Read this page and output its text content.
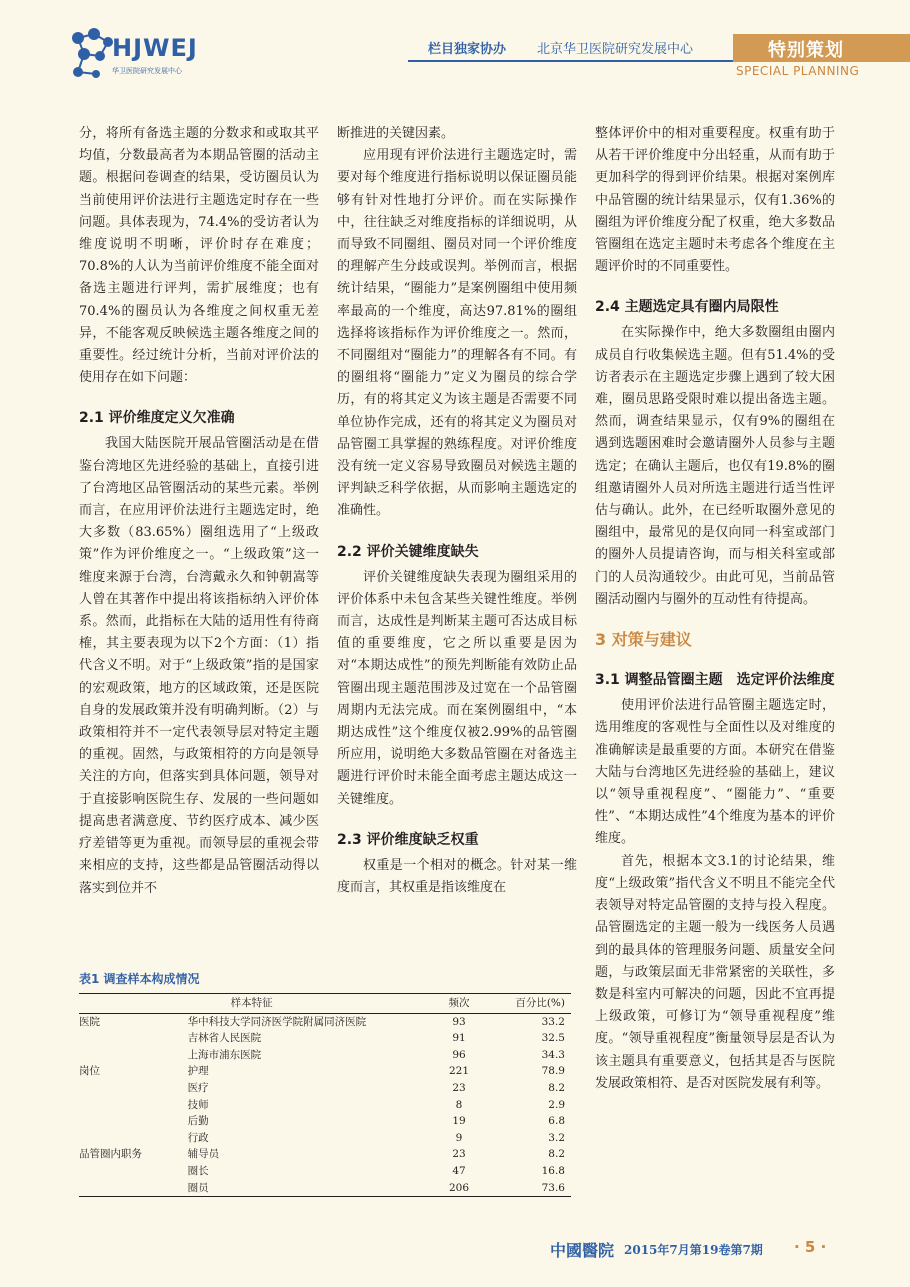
HJWEJ
华卫医院研究发展中心
栏目独家协办 北京华卫医院研究发展中心	特别策划
SPECIAL PLANNING

分，将所有备选主题的分数求和或取其平均值，分数最高者为本期品管圈的活动主题。根据问卷调查的结果，受访圈员认为当前使用评价法进行主题选定时存在一些问题。具体表现为，74.4%的受访者认为维度说明不明晰，评价时存在难度；70.8%的人认为当前评价维度不能全面对备选主题进行评判，需扩展维度；也有70.4%的圈员认为各维度之间权重无差异，不能客观反映候选主题各维度之间的重要性。经过统计分析，当前对评价法的使用存在如下问题：

2.1 评价维度定义欠准确

我国大陆医院开展品管圈活动是在借鉴台湾地区先进经验的基础上，直接引进了台湾地区品管圈活动的某些元素。举例而言，在应用评价法进行主题选定时，绝大多数（83.65%）圈组选用了“上级政策”作为评价维度之一。“上级政策”这一维度来源于台湾，台湾戴永久和钟朝嵩等人曾在其著作中提出将该指标纳入评价体系。然而，此指标在大陆的适用性有待商榷，其主要表现为以下2个方面：（1）指代含义不明。对于“上级政策”指的是国家的宏观政策，地方的区域政策，还是医院自身的发展政策并没有明确判断。（2）与政策相符并不一定代表领导层对特定主题的重视。固然，与政策相符的方向是领导关注的方向，但落实到具体问题，领导对于直接影响医院生存、发展的一些问题如提高患者满意度、节约医疗成本、减少医疗差错等更为重视。而领导层的重视会带来相应的支持，这些都是品管圈活动得以落实到位并不

断推进的关键因素。

应用现有评价法进行主题选定时，需要对每个维度进行指标说明以保证圈员能够有针对性地打分评价。而在实际操作中，往往缺乏对维度指标的详细说明，从而导致不同圈组、圈员对同一个评价维度的理解产生分歧或误判。举例而言，根据统计结果，“圈能力”是案例圈组中使用频率最高的一个维度，高达97.81%的圈组选择将该指标作为评价维度之一。然而，不同圈组对“圈能力”的理解各有不同。有的圈组将“圈能力”定义为圈员的综合学历，有的将其定义为该主题是否需要不同单位协作完成，还有的将其定义为圈员对品管圈工具掌握的熟练程度。对评价维度没有统一定义容易导致圈员对候选主题的评判缺乏科学依据，从而影响主题选定的准确性。

2.2 评价关键维度缺失

评价关键维度缺失表现为圈组采用的评价体系中未包含某些关键性维度。举例而言，达成性是判断某主题可否达成目标值的重要维度，它之所以重要是因为对“本期达成性”的预先判断能有效防止品管圈出现主题范围涉及过宽在一个品管圈周期内无法完成。而在案例圈组中，“本期达成性”这个维度仅被2.99%的品管圈所应用，说明绝大多数品管圈在对备选主题进行评价时未能全面考虑主题达成这一关键维度。

2.3 评价维度缺乏权重

权重是一个相对的概念。针对某一维度而言，其权重是指该维度在

整体评价中的相对重要程度。权重有助于从若干评价维度中分出轻重，从而有助于更加科学的得到评价结果。根据对案例库中品管圈的统计结果显示，仅有1.36%的圈组为评价维度分配了权重，绝大多数品管圈组在选定主题时未考虑各个维度在主题评价时的不同重要性。

2.4 主题选定具有圈内局限性

在实际操作中，绝大多数圈组由圈内成员自行收集候选主题。但有51.4%的受访者表示在主题选定步骤上遇到了较大困难，圈员思路受限时难以提出备选主题。然而，调查结果显示，仅有9%的圈组在遇到选题困难时会邀请圈外人员参与主题选定；在确认主题后，也仅有19.8%的圈组邀请圈外人员对所选主题进行适当性评估与确认。此外，在已经听取圈外意见的圈组中，最常见的是仅向同一科室或部门的圈外人员提请咨询，而与相关科室或部门的人员沟通较少。由此可见，当前品管圈活动圈内与圈外的互动性有待提高。

3 对策与建议
3.1 调整品管圈主题　选定评价法维度

使用评价法进行品管圈主题选定时，选用维度的客观性与全面性以及对维度的准确解读是最重要的方面。本研究在借鉴大陆与台湾地区先进经验的基础上，建议以“领导重视程度”、“圈能力”、“重要性”、“本期达成性”4个维度为基本的评价维度。

首先，根据本文3.1的讨论结果，维度“上级政策”指代含义不明且不能完全代表领导对特定品管圈的支持与投入程度。品管圈选定的主题一般为一线医务人员遇到的最具体的管理服务问题、质量安全问题，与政策层面无非常紧密的关联性，多数是科室内可解决的问题，因此不宜再提上级政策，可修订为“领导重视程度”维度。“领导重视程度”衡量领导层是否认为该主题具有重要意义，包括其是否与医院发展政策相符、是否对医院发展有利等。

表1 调查样本构成情况
样本特征		频次	百分比(%)
医院	华中科技大学同济医学院附属同济医院	93	33.2
	吉林省人民医院	91	32.5
	上海市浦东医院	96	34.3
岗位	护理	221	78.9
	医疗	23	8.2
	技师	8	2.9
	后勤	19	6.8
	行政	9	3.2
品管圈内职务	辅导员	23	8.2
	圈长	47	16.8
	圈员	206	73.6
中國醫院 2015年7月第19卷第7期 · 5 ·
